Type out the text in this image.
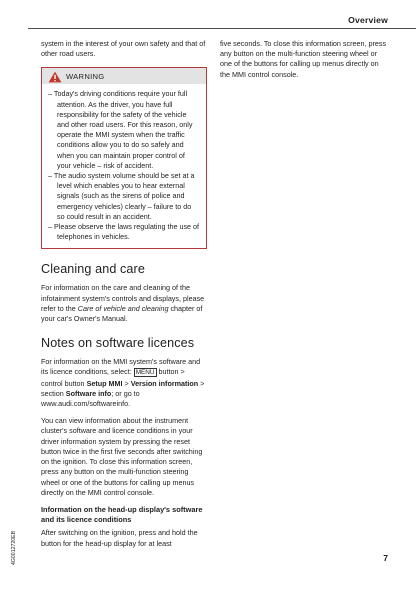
Overview

system in the interest of your own safety and that of other road users.

WARNING

– Today's driving conditions require your full attention. As the driver, you have full responsibility for the safety of the vehicle and other road users. For this reason, only operate the MMI system when the traffic conditions allow you to do so safely and when you can maintain proper control of your vehicle – risk of accident.

– The audio system volume should be set at a level which enables you to hear external signals (such as the sirens of police and emergency vehicles) clearly – failure to do so could result in an accident.

– Please observe the laws regulating the use of telephones in vehicles.

Cleaning and care

For information on the care and cleaning of the infotainment system's controls and displays, please refer to the Care of vehicle and cleaning chapter of your car's Owner's Manual.

Notes on software licences

For information on the MMI system's software and its licence conditions, select: MENU button > control button Setup MMI > Version information > section Software info; or go to www.audi.com/softwareinfo.

You can view information about the instrument cluster's software and licence conditions in your driver information system by pressing the reset button twice in the first five seconds after switching on the ignition. To close this information screen, press any button on the multi-function steering wheel or one of the buttons for calling up menus directly on the MMI control console.

Information on the head-up display's software and its licence conditions

After switching on the ignition, press and hold the button for the head-up display for at least

five seconds. To close this information screen, press any button on the multi-function steering wheel or one of the buttons for calling up menus directly on the MMI control console.

4G0012720EB	7
